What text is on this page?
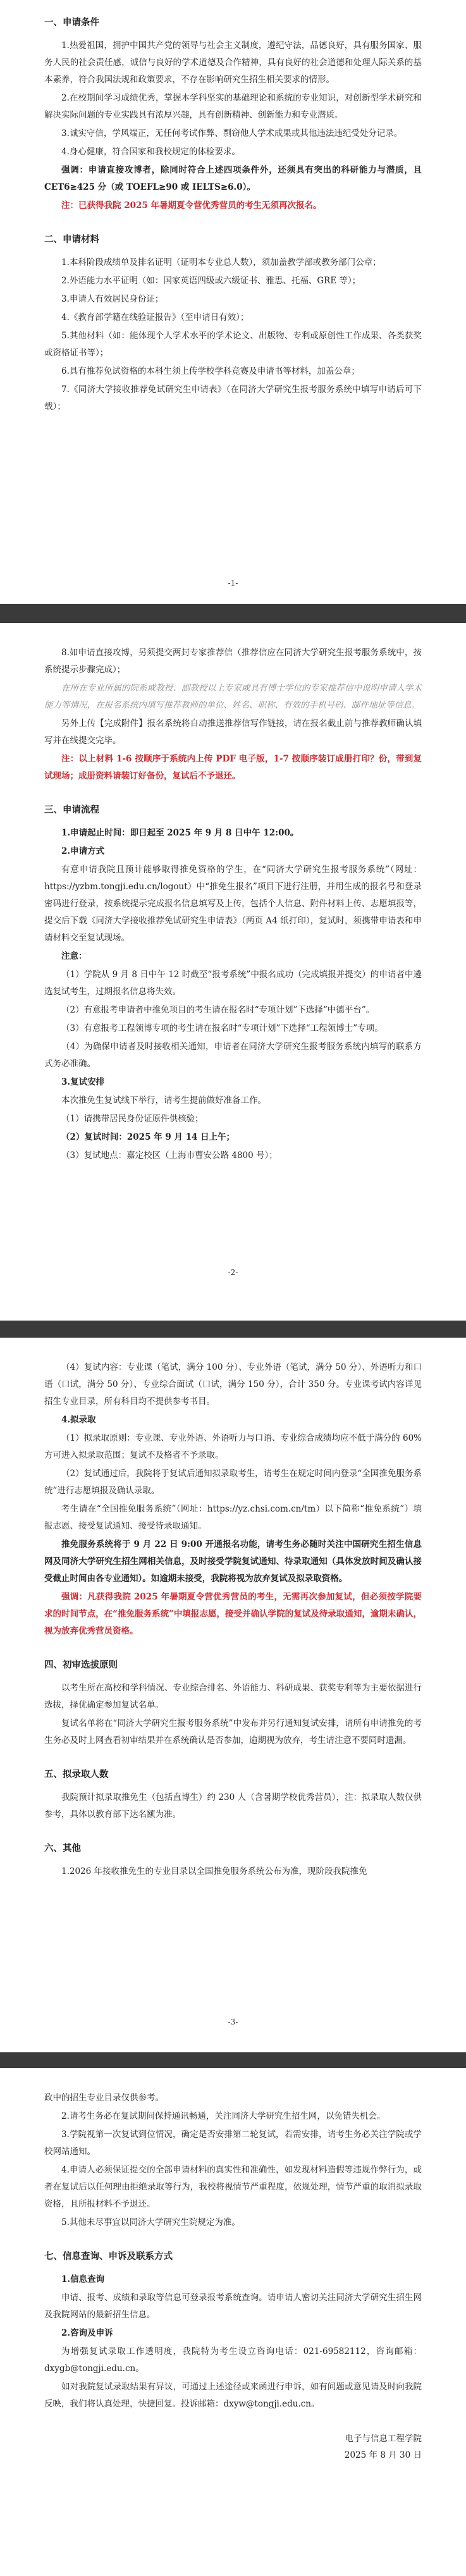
一、申请条件
1.热爱祖国，拥护中国共产党的领导与社会主义制度，遵纪守法，品德良好，具有服务国家、服务人民的社会责任感，诚信与良好的学术道德及合作精神，具有良好的社会道德和处理人际关系的基本素养，符合我国法规和政策要求，不存在影响研究生招生相关要求的情形。
2.在校期间学习成绩优秀，掌握本学科坚实的基础理论和系统的专业知识，对创新型学术研究和解决实际问题的专业实践具有浓厚兴趣，具有创新精神、创新能力和专业潜质。
3.诚实守信，学风端正，无任何考试作弊、剽窃他人学术成果或其他违法违纪受处分记录。
4.身心健康，符合国家和我校规定的体检要求。
强调：申请直接攻博者，除同时符合上述四项条件外，还须具有突出的科研能力与潜质，且 CET6≥425 分（或 TOEFL≥90 或 IELTS≥6.0）。
注：已获得我院 2025 年暑期夏令营优秀营员的考生无须再次报名。
二、申请材料
1.本科阶段成绩单及排名证明（证明本专业总人数），须加盖教学部或教务部门公章；
2.外语能力水平证明（如：国家英语四级或六级证书、雅思、托福、GRE 等）；
3.申请人有效居民身份证；
4.《教育部学籍在线验证报告》（至申请日有效）；
5.其他材料（如：能体现个人学术水平的学术论文、出版物、专利或原创性工作成果、各类获奖或资格证书等）；
6.具有推荐免试资格的本科生须上传学校学科竞赛及申请书等材料，加盖公章；
7.《同济大学接收推荐免试研究生申请表》（在同济大学研究生报考服务系统中填写申请后可下载）；
-1-
8.如申请直接攻博，另须提交两封专家推荐信（推荐信应在同济大学研究生报考服务系统中，按系统提示步骤完成）；
在所在专业所属的院系或教授、副教授以上专家或具有博士学位的专家推荐信中说明申请人学术能力等情况，在报名系统内填写推荐教师的单位、姓名、职称、有效的手机号码、邮件地址等信息。
另外上传【完成附件】报名系统将自动推送推荐信写作链接，请在报名截止前与推荐教师确认填写并在线提交完毕。
注：以上材料 1-6 按顺序于系统内上传 PDF 电子版，1-7 按顺序装订成册打印？份，带到复试现场；成册资料请装订好备份，复试后不予退还。
三、申请流程
1.申请起止时间：即日起至 2025 年 9 月 8 日中午 12:00。
2.申请方式
有意申请我院且预计能够取得推免资格的学生，在“同济大学研究生报考服务系统”（网址：https://yzbm.tongji.edu.cn/logout）中“推免生报名”项目下进行注册，并用生成的报名号和登录密码进行登录，按系统提示完成报名信息填写及上传，包括个人信息、附件材料上传、志愿填报等，提交后下载《同济大学接收推荐免试研究生申请表》（两页 A4 纸打印），复试时，须携带申请表和申请材料交至复试现场。
注意：
（1）学院从 9 月 8 日中午 12 时截至“报考系统”中报名成功（完成填报并提交）的申请者中遴选复试考生，过期报名信息将失效。
（2）有意报考申请者中推免项目的考生请在报名时“专项计划”下选择“中德平台”。
（3）有意报考工程领博专项的考生请在报名时“专项计划”下选择“工程领博士”专项。
（4）为确保申请者及时接收相关通知，申请者在同济大学研究生报考服务系统内填写的联系方式务必准确。
3.复试安排
本次推免生复试线下举行，请考生提前做好准备工作。
（1）请携带居民身份证原件供核验；
（2）复试时间：2025 年 9 月 14 日上午；
（3）复试地点：嘉定校区（上海市曹安公路 4800 号）；
-2-
（4）复试内容：专业课（笔试，满分 100 分）、专业外语（笔试，满分 50 分）、外语听力和口语（口试，满分 50 分）、专业综合面试（口试，满分 150 分），合计 350 分。专业课考试内容详见招生专业目录，所有科目均不提供参考书目。
4.拟录取
（1）拟录取原则：专业课、专业外语、外语听力与口语、专业综合成绩均应不低于满分的 60% 方可进入拟录取范围；复试不及格者不予录取。
（2）复试通过后，我院将于复试后通知拟录取考生，请考生在规定时间内登录“全国推免服务系统”进行志愿填报及确认录取。
考生请在“全国推免服务系统”（网址：https://yz.chsi.com.cn/tm）以下简称“推免系统”）填报志愿、接受复试通知、接受待录取通知。
推免服务系统将于 9 月 22 日 9:00 开通报名功能，请考生务必随时关注中国研究生招生信息网及同济大学研究生招生网相关信息，及时接受学院复试通知、待录取通知（具体发放时间及确认接受截止时间由各专业通知）。如逾期未接受，我院将视为放弃复试及拟录取资格。
强调：凡获得我院 2025 年暑期夏令营优秀营员的考生，无需再次参加复试，但必须按学院要求的时间节点，在“推免服务系统”中填报志愿，接受并确认学院的复试及待录取通知，逾期未确认，视为放弃优秀营员资格。
四、初审选拔原则
以考生所在高校和学科情况、专业综合排名、外语能力、科研成果、获奖专利等为主要依据进行选拔，择优确定参加复试名单。
复试名单将在“同济大学研究生报考服务系统”中发布并另行通知复试安排，请所有申请推免的考生务必及时上网查看初审结果并在系统确认是否参加，逾期视为放弃，考生请注意不要同时遗漏。
五、拟录取人数
我院预计拟录取推免生（包括直博生）约 230 人（含暑期学校优秀营员），注：拟录取人数仅供参考，具体以教育部下达名额为准。
六、其他
1.2026 年接收推免生的专业目录以全国推免服务系统公布为准，现阶段我院推免
-3-
政中的招生专业目录仅供参考。
2.请考生务必在复试期间保持通讯畅通，关注同济大学研究生招生网，以免错失机会。
3.学院视第一次复试到位情况，确定是否安排第二轮复试，若需安排，请考生务必关注学院或学校网站通知。
4.申请人必须保证提交的全部申请材料的真实性和准确性，如发现材料造假等违规作弊行为，或者在复试后以任何理由拒绝录取等行为，我校将视情节严重程度，依规处理，情节严重的取消拟录取资格，且所报材料不予退还。
5.其他未尽事宜以同济大学研究生院规定为准。
七、信息查询、申诉及联系方式
1.信息查询
申请、报考、成绩和录取等信息可登录报考系统查询。请申请人密切关注同济大学研究生招生网及我院网站的最新招生信息。
2.咨询及申诉
为增强复试录取工作透明度，我院特为考生设立咨询电话：021-69582112，咨询邮箱：dxygb@tongji.edu.cn。
如对我院复试录取结果有异议，可通过上述途径或来函进行申诉，如有问题或意见请及时向我院反映，我们将认真处理，快捷回复。投诉邮箱：dxyw@tongji.edu.cn。
电子与信息工程学院
2025 年 8 月 30 日
